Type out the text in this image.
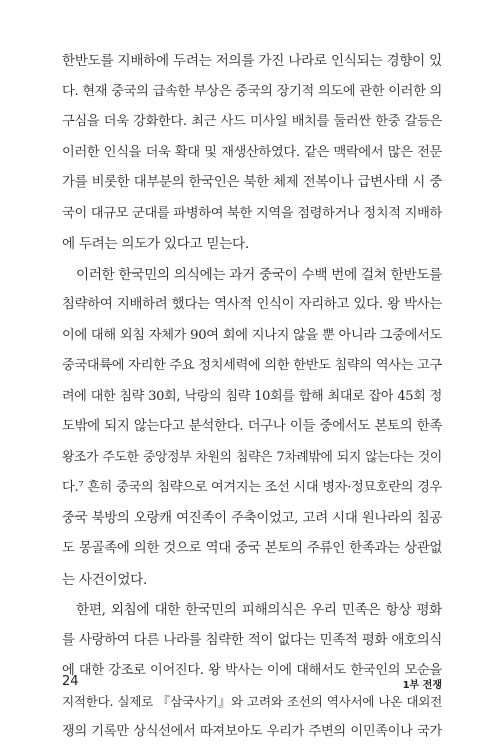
한반도를 지배하에 두려는 저의를 가진 나라로 인식되는 경향이 있
다. 현재 중국의 급속한 부상은 중국의 장기적 의도에 관한 이러한 의
구심을 더욱 강화한다. 최근 사드 미사일 배치를 둘러싼 한중 갈등은
이러한 인식을 더욱 확대 및 재생산하였다. 같은 맥락에서 많은 전문
가를 비롯한 대부분의 한국인은 북한 체제 전복이나 급변사태 시 중
국이 대규모 군대를 파병하여 북한 지역을 점령하거나 정치적 지배하
에 두려는 의도가 있다고 믿는다.
이러한 한국민의 의식에는 과거 중국이 수백 번에 걸쳐 한반도를
침략하여 지배하려 했다는 역사적 인식이 자리하고 있다. 왕 박사는
이에 대해 외침 자체가 90여 회에 지나지 않을 뿐 아니라 그중에서도
중국대륙에 자리한 주요 정치세력에 의한 한반도 침략의 역사는 고구
려에 대한 침략 30회, 낙랑의 침략 10회를 합해 최대로 잡아 45회 정
도밖에 되지 않는다고 분석한다. 더구나 이들 중에서도 본토의 한족
왕조가 주도한 중앙정부 차원의 침략은 7차례밖에 되지 않는다는 것이
다.⁷ 흔히 중국의 침략으로 여겨지는 조선 시대 병자·정묘호란의 경우
중국 북방의 오랑캐 여진족이 주축이었고, 고려 시대 원나라의 침공
도 몽골족에 의한 것으로 역대 중국 본토의 주류인 한족과는 상관없
는 사건이었다.
한편, 외침에 대한 한국민의 피해의식은 우리 민족은 항상 평화
를 사랑하여 다른 나라를 침략한 적이 없다는 민족적 평화 애호의식
에 대한 강조로 이어진다. 왕 박사는 이에 대해서도 한국인의 모순을
지적한다. 실제로 『삼국사기』와 고려와 조선의 역사서에 나온 대외전
쟁의 기록만 상식선에서 따져보아도 우리가 주변의 이민족이나 국가
24	1부 전쟁
